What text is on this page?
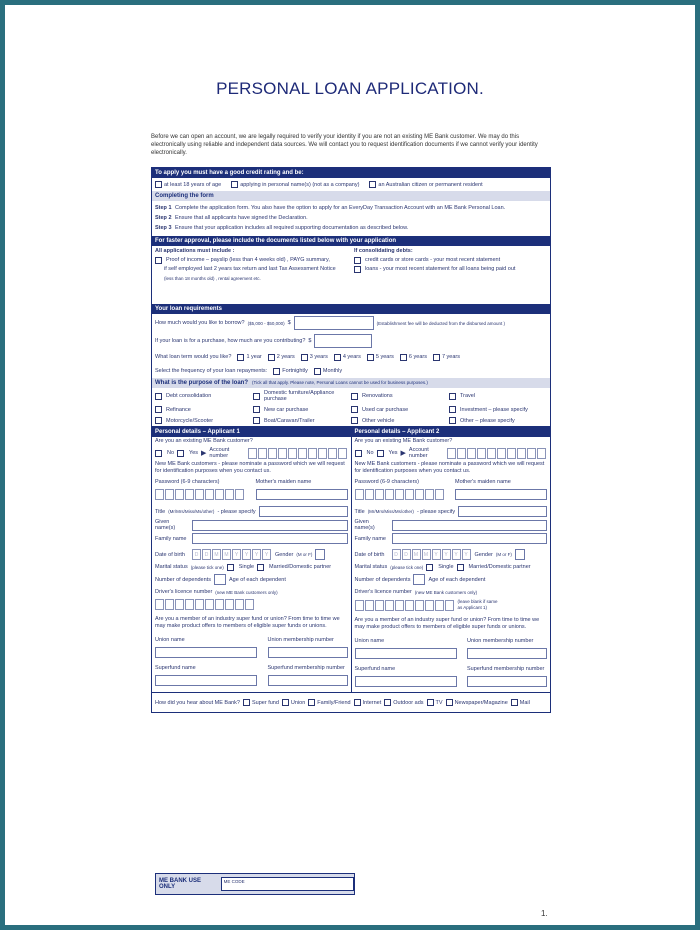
PERSONAL LOAN APPLICATION.
Before we can open an account, we are legally required to verify your identity if you are not an existing ME Bank customer. We may do this electronically using reliable and independent data sources. We will contact you to request identification documents if we cannot verify your identity electronically.
To apply you must have a good credit rating and be:
at least 18 years of age	applying in personal name(s) (not as a company)	an Australian citizen or permanent resident
Completing the form
Step 1 Complete the application form. You also have the option to apply for an EveryDay Transaction Account with an ME Bank Personal Loan.
Step 2 Ensure that all applicants have signed the Declaration.
Step 3 Ensure that your application includes all required supporting documentation as described below.
For faster approval, please include the documents listed below with your application
All applications must include :
Proof of income – payslip (less than 4 weeks old) , PAYG summary,
if self employed last 2 years tax return and last Tax Assessment Notice
(less than 18 months old) , rental agreement etc.
If consolidating debts:
credit cards or store cards - your most recent statement
loans - your most recent statement for all loans being paid out
Your loan requirements
How much would you like to borrow? ($5,000 - $50,000) $	(Establishment fee will be deducted from the disbursed amount )
If your loan is for a purchase, how much are you contributing? $
What loan term would you like?	1 year	2 years	3 years	4 years	5 years	6 years	7 years
Select the frequency of your loan repayments:	Fortnightly	Monthly
What is the purpose of the loan? (Tick all that apply. Please note, Personal Loans cannot be used for business purposes.)
Debt consolidation	Domestic furniture/Appliance purchase	Renovations	Travel
Refinance	New car purchase	Used car purchase	Investment – please specify
Motorcycle/Scooter	Boat/Caravan/Trailer	Other vehicle	Other – please specify
Personal details – Applicant 1
Are you an existing ME Bank customer?
No	Yes ▶ Account number
New ME Bank customers - please nominate a password which we will request for identification purposes when you contact us.
Password (6-9 characters)	Mother's maiden name
Title (Mr/Mrs/Miss/Ms/other) - please specify
Given name(s)
Family name
Date of birth	D	D	M	M	Y	Y	Y	Y	Gender (M or F)
Marital status (please tick one)	Single	Married/Domestic partner
Number of dependents	Age of each dependent
Driver's licence number (new ME Bank customers only)
Are you a member of an industry super fund or union? From time to time we may make product offers to members of eligible super funds or unions.
Union name	Union membership number
Superfund name	Superfund membership number
Personal details – Applicant 2
Are you an existing ME Bank customer?
No	Yes ▶ Account number
New ME Bank customers - please nominate a password which we will request for identification purposes when you contact us.
Password (6-9 characters)	Mother's maiden name
Title (Mr/Mrs/Miss/Ms/other) - please specify
Given name(s)
Family name
Date of birth	D	D	M	M	Y	Y	Y	Y	Gender (M or F)
Marital status (please tick one)	Single	Married/Domestic partner
Number of dependents	Age of each dependent
Driver's licence number (new ME Bank customers only)
(leave blank if same as Applicant 1)
Are you a member of an industry super fund or union? From time to time we may make product offers to members of eligible super funds or unions.
Union name	Union membership number
Superfund name	Superfund membership number
How did you hear about ME Bank? Super fund Union Family/Friend Internet Outdoor ads TV Newspaper/Magazine Mail
ME BANK USE ONLY
ME CODE
1.
